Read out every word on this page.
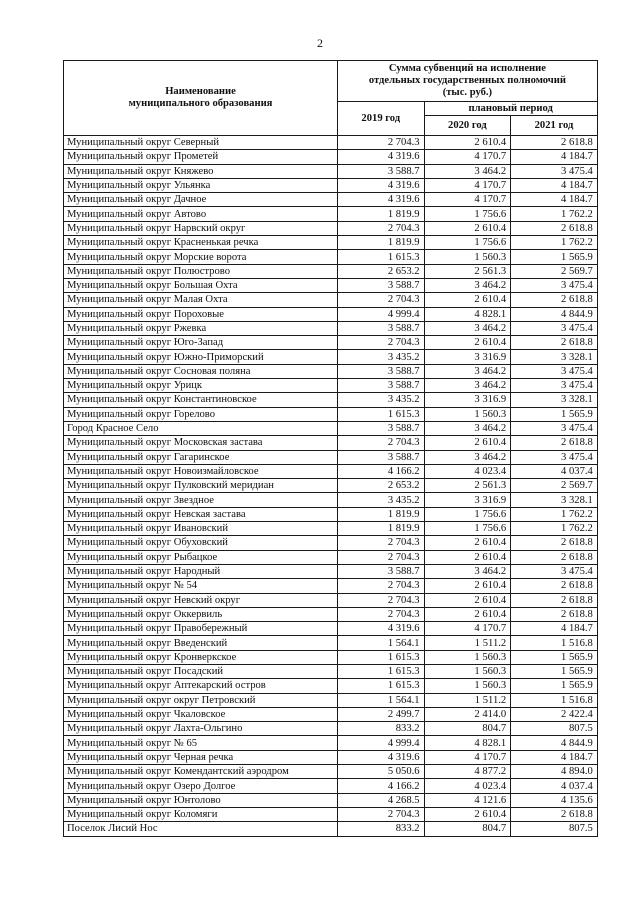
2
Наименование
муниципального образования	Сумма субвенций на исполнение
отдельных государственных полномочий
(тыс. руб.)		
	2019 год	плановый период	
		2020 год	2021 год
Муниципальный округ Северный	2 704.3	2 610.4	2 618.8
Муниципальный округ Прометей	4 319.6	4 170.7	4 184.7
Муниципальный округ Княжево	3 588.7	3 464.2	3 475.4
Муниципальный округ Ульянка	4 319.6	4 170.7	4 184.7
Муниципальный округ Дачное	4 319.6	4 170.7	4 184.7
Муниципальный округ Автово	1 819.9	1 756.6	1 762.2
Муниципальный округ Нарвский округ	2 704.3	2 610.4	2 618.8
Муниципальный округ Красненькая речка	1 819.9	1 756.6	1 762.2
Муниципальный округ Морские ворота	1 615.3	1 560.3	1 565.9
Муниципальный округ Полюстрово	2 653.2	2 561.3	2 569.7
Муниципальный округ Большая Охта	3 588.7	3 464.2	3 475.4
Муниципальный округ Малая Охта	2 704.3	2 610.4	2 618.8
Муниципальный округ Пороховые	4 999.4	4 828.1	4 844.9
Муниципальный округ Ржевка	3 588.7	3 464.2	3 475.4
Муниципальный округ Юго-Запад	2 704.3	2 610.4	2 618.8
Муниципальный округ Южно-Приморский	3 435.2	3 316.9	3 328.1
Муниципальный округ Сосновая поляна	3 588.7	3 464.2	3 475.4
Муниципальный округ Урицк	3 588.7	3 464.2	3 475.4
Муниципальный округ Константиновское	3 435.2	3 316.9	3 328.1
Муниципальный округ Горелово	1 615.3	1 560.3	1 565.9
Город Красное Село	3 588.7	3 464.2	3 475.4
Муниципальный округ Московская застава	2 704.3	2 610.4	2 618.8
Муниципальный округ Гагаринское	3 588.7	3 464.2	3 475.4
Муниципальный округ Новоизмайловское	4 166.2	4 023.4	4 037.4
Муниципальный округ Пулковский меридиан	2 653.2	2 561.3	2 569.7
Муниципальный округ Звездное	3 435.2	3 316.9	3 328.1
Муниципальный округ Невская застава	1 819.9	1 756.6	1 762.2
Муниципальный округ Ивановский	1 819.9	1 756.6	1 762.2
Муниципальный округ Обуховский	2 704.3	2 610.4	2 618.8
Муниципальный округ Рыбацкое	2 704.3	2 610.4	2 618.8
Муниципальный округ Народный	3 588.7	3 464.2	3 475.4
Муниципальный округ № 54	2 704.3	2 610.4	2 618.8
Муниципальный округ Невский округ	2 704.3	2 610.4	2 618.8
Муниципальный округ Оккервиль	2 704.3	2 610.4	2 618.8
Муниципальный округ Правобережный	4 319.6	4 170.7	4 184.7
Муниципальный округ Введенский	1 564.1	1 511.2	1 516.8
Муниципальный округ Кронверкское	1 615.3	1 560.3	1 565.9
Муниципальный округ Посадский	1 615.3	1 560.3	1 565.9
Муниципальный округ Аптекарский остров	1 615.3	1 560.3	1 565.9
Муниципальный округ округ Петровский	1 564.1	1 511.2	1 516.8
Муниципальный округ Чкаловское	2 499.7	2 414.0	2 422.4
Муниципальный округ Лахта-Ольгино	833.2	804.7	807.5
Муниципальный округ № 65	4 999.4	4 828.1	4 844.9
Муниципальный округ Черная речка	4 319.6	4 170.7	4 184.7
Муниципальный округ Комендантский аэродром	5 050.6	4 877.2	4 894.0
Муниципальный округ Озеро Долгое	4 166.2	4 023.4	4 037.4
Муниципальный округ Юнтолово	4 268.5	4 121.6	4 135.6
Муниципальный округ Коломяги	2 704.3	2 610.4	2 618.8
Поселок Лисий Нос	833.2	804.7	807.5
